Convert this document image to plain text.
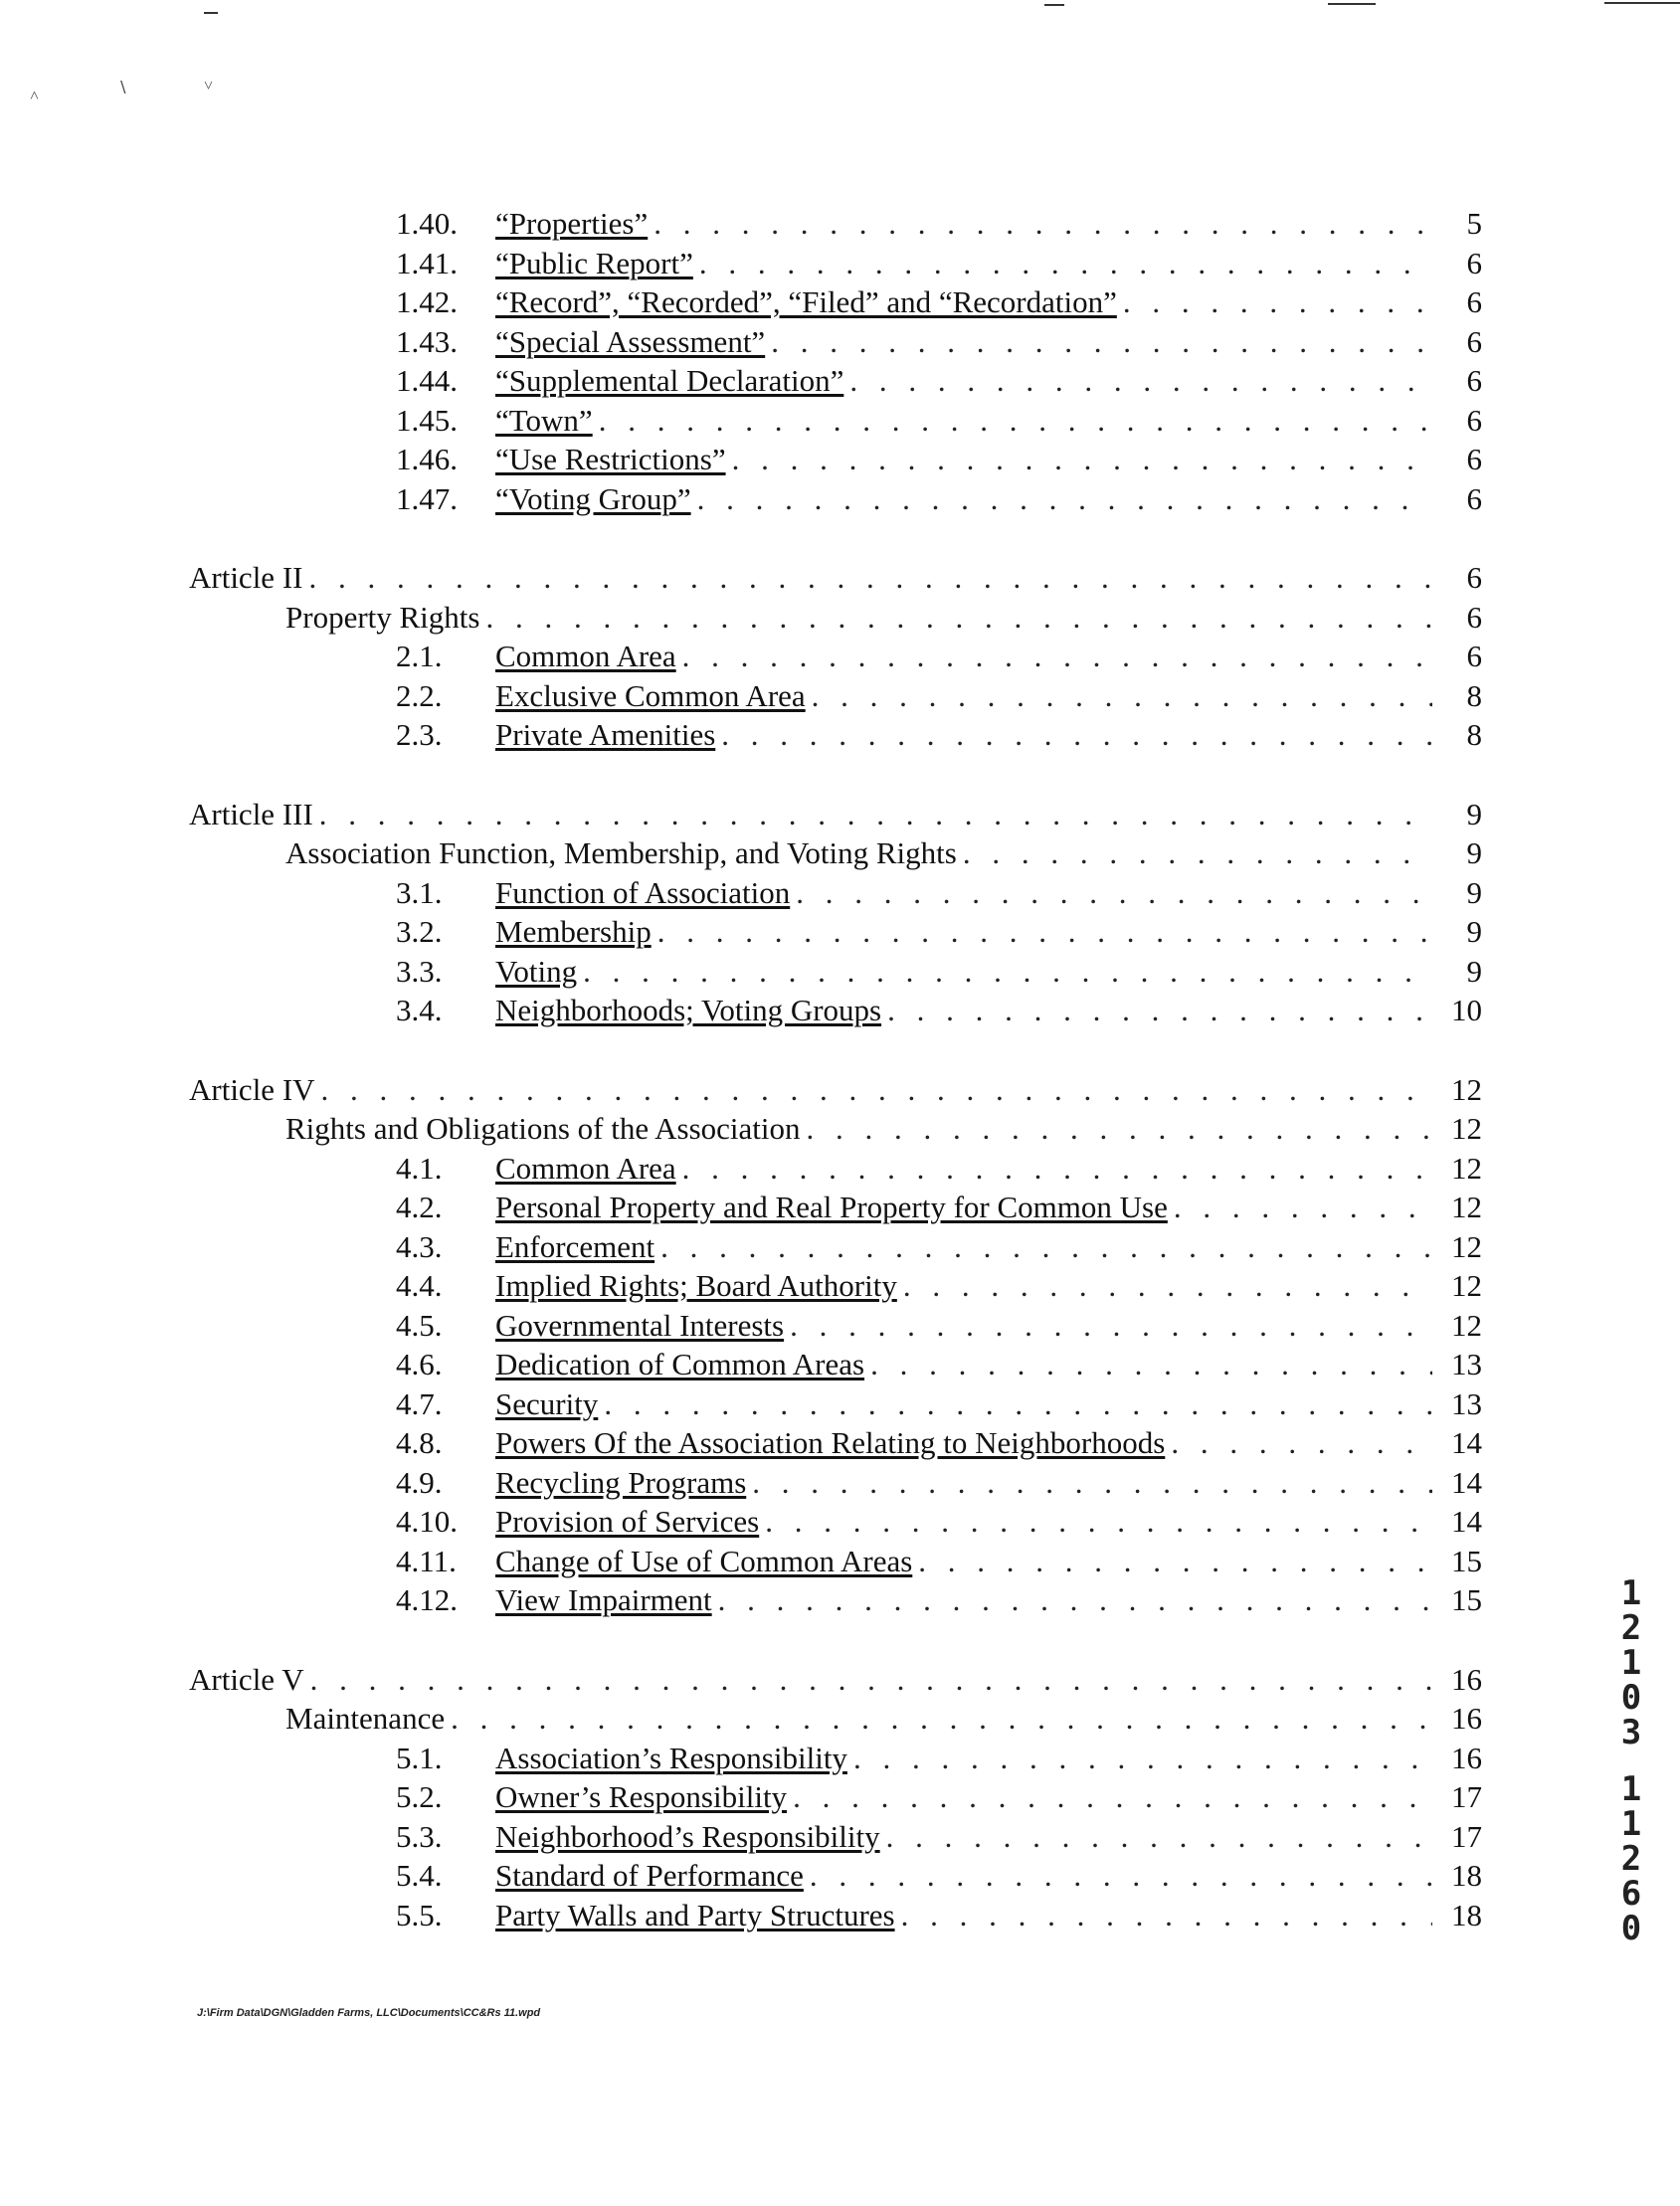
˄	∖	˅
1.40.	“Properties” . . .	5
1.41.	“Public Report” . . .	6
1.42.	“Record”, “Recorded”, “Filed” and “Recordation” . . .	6
1.43.	“Special Assessment” . . .	6
1.44.	“Supplemental Declaration” . . .	6
1.45.	“Town” . . .	6
1.46.	“Use Restrictions” . . .	6
1.47.	“Voting Group” . . .	6
Article II . . .	6
Property Rights . . .	6
2.1.	Common Area . . .	6
2.2.	Exclusive Common Area . . .	8
2.3.	Private Amenities . . .	8
Article III . . .	9
Association Function, Membership, and Voting Rights . . .	9
3.1.	Function of Association . . .	9
3.2.	Membership . . .	9
3.3.	Voting . . .	9
3.4.	Neighborhoods; Voting Groups . . .	10
Article IV . . .	12
Rights and Obligations of the Association . . .	12
4.1.	Common Area . . .	12
4.2.	Personal Property and Real Property for Common Use . . .	12
4.3.	Enforcement . . .	12
4.4.	Implied Rights; Board Authority . . .	12
4.5.	Governmental Interests . . .	12
4.6.	Dedication of Common Areas . . .	13
4.7.	Security . . .	13
4.8.	Powers Of the Association Relating to Neighborhoods . . .	14
4.9.	Recycling Programs . . .	14
4.10.	Provision of Services . . .	14
4.11.	Change of Use of Common Areas . . .	15
4.12.	View Impairment . . .	15
Article V . . .	16
Maintenance . . .	16
5.1.	Association’s Responsibility . . .	16
5.2.	Owner’s Responsibility . . .	17
5.3.	Neighborhood’s Responsibility . . .	17
5.4.	Standard of Performance . . .	18
5.5.	Party Walls and Party Structures . . .	18
J:\Firm Data\DGN\Gladden Farms, LLC\Documents\CC&Rs 11.wpd
1
2
1
0
3
1
1
2
6
0
